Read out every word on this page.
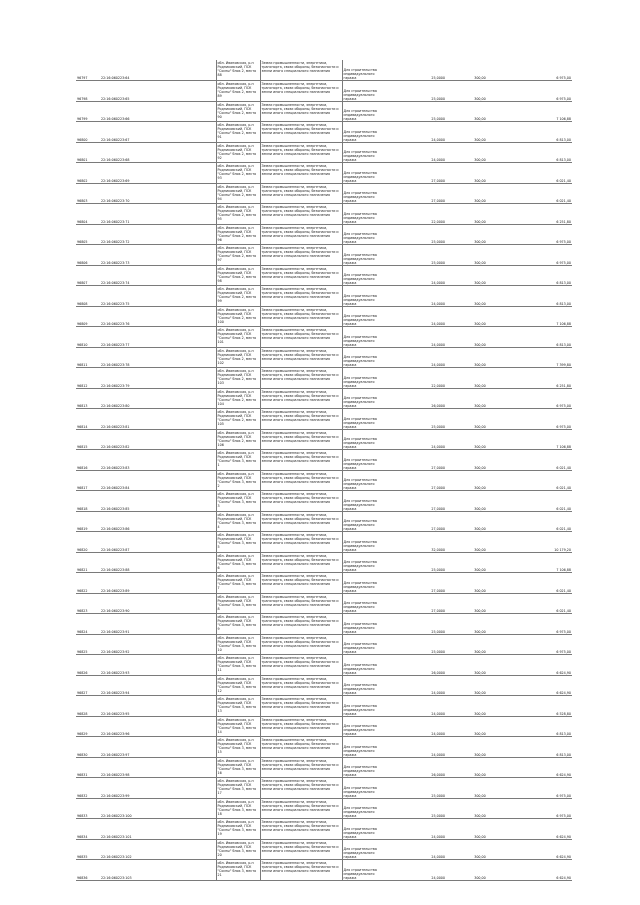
96797	22:16:060223:64	обл. Ивановская, р-н Родниковский, ПСК "Сосны" блок 2, место 88	Земли промышленности, энергетики, транспорта, связи обороны, безопасности и земли иного специального назначения	Для строительства индивидуального гаража	25,0000	300,00	6 975,00
96798	22:16:060223:65	обл. Ивановская, р-н Родниковский, ПСК "Сосны" блок 2, место 89	Земли промышленности, энергетики, транспорта, связи обороны, безопасности и земли иного специального назначения	Для строительства индивидуального гаража	25,0000	300,00	6 975,00
96799	22:16:060223:66	обл. Ивановская, р-н Родниковский, ПСК "Сосны" блок 2, место 90	Земли промышленности, энергетики, транспорта, связи обороны, безопасности и земли иного специального назначения	Для строительства индивидуального гаража	25,0000	300,00	7 106,88
96800	22:16:060223:67	обл. Ивановская, р-н Родниковский, ПСК "Сосны" блок 2, место 91	Земли промышленности, энергетики, транспорта, связи обороны, безопасности и земли иного специального назначения	Для строительства индивидуального гаража	24,0000	300,00	6 813,00
96801	22:16:060223:68	обл. Ивановская, р-н Родниковский, ПСК "Сосны" блок 2, место 92	Земли промышленности, энергетики, транспорта, связи обороны, безопасности и земли иного специального назначения	Для строительства индивидуального гаража	24,0000	300,00	6 813,00
96802	22:16:060223:69	обл. Ивановская, р-н Родниковский, ПСК "Сосны" блок 2, место 93	Земли промышленности, энергетики, транспорта, связи обороны, безопасности и земли иного специального назначения	Для строительства индивидуального гаража	27,0000	300,00	6 021,40
96803	22:16:060223:70	обл. Ивановская, р-н Родниковский, ПСК "Сосны" блок 2, место 94	Земли промышленности, энергетики, транспорта, связи обороны, безопасности и земли иного специального назначения	Для строительства индивидуального гаража	27,0000	300,00	6 021,40
96804	22:16:060223:71	обл. Ивановская, р-н Родниковский, ПСК "Сосны" блок 2, место 95	Земли промышленности, энергетики, транспорта, связи обороны, безопасности и земли иного специального назначения	Для строительства индивидуального гаража	22,0000	300,00	6 251,80
96805	22:16:060223:72	обл. Ивановская, р-н Родниковский, ПСК "Сосны" блок 2, место 96	Земли промышленности, энергетики, транспорта, связи обороны, безопасности и земли иного специального назначения	Для строительства индивидуального гаража	25,0000	300,00	6 975,00
96806	22:16:060223:73	обл. Ивановская, р-н Родниковский, ПСК "Сосны" блок 2, место 97	Земли промышленности, энергетики, транспорта, связи обороны, безопасности и земли иного специального назначения	Для строительства индивидуального гаража	25,0000	300,00	6 975,00
96807	22:16:060223:74	обл. Ивановская, р-н Родниковский, ПСК "Сосны" блок 2, место 98	Земли промышленности, энергетики, транспорта, связи обороны, безопасности и земли иного специального назначения	Для строительства индивидуального гаража	24,0000	300,00	6 813,00
96808	22:16:060223:75	обл. Ивановская, р-н Родниковский, ПСК "Сосны" блок 2, место 99	Земли промышленности, энергетики, транспорта, связи обороны, безопасности и земли иного специального назначения	Для строительства индивидуального гаража	24,0000	300,00	6 813,00
96809	22:16:060223:76	обл. Ивановская, р-н Родниковский, ПСК "Сосны" блок 2, место 100	Земли промышленности, энергетики, транспорта, связи обороны, безопасности и земли иного специального назначения	Для строительства индивидуального гаража	24,0000	300,00	7 106,88
96810	22:16:060223:77	обл. Ивановская, р-н Родниковский, ПСК "Сосны" блок 2, место 101	Земли промышленности, энергетики, транспорта, связи обороны, безопасности и земли иного специального назначения	Для строительства индивидуального гаража	24,0000	300,00	6 813,00
96811	22:16:060223:78	обл. Ивановская, р-н Родниковский, ПСК "Сосны" блок 2, место 102	Земли промышленности, энергетики, транспорта, связи обороны, безопасности и земли иного специального назначения	Для строительства индивидуального гаража	24,0000	300,00	7 399,80
96812	22:16:060223:79	обл. Ивановская, р-н Родниковский, ПСК "Сосны" блок 2, место 103	Земли промышленности, энергетики, транспорта, связи обороны, безопасности и земли иного специального назначения	Для строительства индивидуального гаража	22,0000	300,00	6 251,80
96813	22:16:060223:80	обл. Ивановская, р-н Родниковский, ПСК "Сосны" блок 2, место 104	Земли промышленности, энергетики, транспорта, связи обороны, безопасности и земли иного специального назначения	Для строительства индивидуального гаража	26,0000	300,00	6 975,00
96814	22:16:060223:81	обл. Ивановская, р-н Родниковский, ПСК "Сосны" блок 2, место 105	Земли промышленности, энергетики, транспорта, связи обороны, безопасности и земли иного специального назначения	Для строительства индивидуального гаража	25,0000	300,00	6 975,00
96815	22:16:060223:82	обл. Ивановская, р-н Родниковский, ПСК "Сосны" блок 2, место 106	Земли промышленности, энергетики, транспорта, связи обороны, безопасности и земли иного специального назначения	Для строительства индивидуального гаража	24,0000	300,00	7 106,88
96816	22:16:060223:83	обл. Ивановская, р-н Родниковский, ПСК "Сосны" блок 3, место 1	Земли промышленности, энергетики, транспорта, связи обороны, безопасности и земли иного специального назначения	Для строительства индивидуального гаража	27,0000	300,00	6 021,40
96817	22:16:060223:84	обл. Ивановская, р-н Родниковский, ПСК "Сосны" блок 3, место 2	Земли промышленности, энергетики, транспорта, связи обороны, безопасности и земли иного специального назначения	Для строительства индивидуального гаража	27,0000	300,00	6 021,40
96818	22:16:060223:85	обл. Ивановская, р-н Родниковский, ПСК "Сосны" блок 3, место 3	Земли промышленности, энергетики, транспорта, связи обороны, безопасности и земли иного специального назначения	Для строительства индивидуального гаража	27,0000	300,00	6 021,40
96819	22:16:060223:86	обл. Ивановская, р-н Родниковский, ПСК "Сосны" блок 3, место 4	Земли промышленности, энергетики, транспорта, связи обороны, безопасности и земли иного специального назначения	Для строительства индивидуального гаража	27,0000	300,00	6 021,40
96820	22:16:060223:87	обл. Ивановская, р-н Родниковский, ПСК "Сосны" блок 3, место 5	Земли промышленности, энергетики, транспорта, связи обороны, безопасности и земли иного специального назначения	Для строительства индивидуального гаража	32,0000	300,00	10 179,20
96821	22:16:060223:88	обл. Ивановская, р-н Родниковский, ПСК "Сосны" блок 3, место 6	Земли промышленности, энергетики, транспорта, связи обороны, безопасности и земли иного специального назначения	Для строительства индивидуального гаража	25,0000	300,00	7 106,88
96822	22:16:060223:89	обл. Ивановская, р-н Родниковский, ПСК "Сосны" блок 3, место 7	Земли промышленности, энергетики, транспорта, связи обороны, безопасности и земли иного специального назначения	Для строительства индивидуального гаража	27,0000	300,00	6 021,40
96823	22:16:060223:90	обл. Ивановская, р-н Родниковский, ПСК "Сосны" блок 3, место 8	Земли промышленности, энергетики, транспорта, связи обороны, безопасности и земли иного специального назначения	Для строительства индивидуального гаража	27,0000	300,00	6 021,40
96824	22:16:060223:91	обл. Ивановская, р-н Родниковский, ПСК "Сосны" блок 3, место 9	Земли промышленности, энергетики, транспорта, связи обороны, безопасности и земли иного специального назначения	Для строительства индивидуального гаража	25,0000	300,00	6 975,00
96825	22:16:060223:92	обл. Ивановская, р-н Родниковский, ПСК "Сосны" блок 3, место 10	Земли промышленности, энергетики, транспорта, связи обороны, безопасности и земли иного специального назначения	Для строительства индивидуального гаража	25,0000	300,00	6 975,00
96826	22:16:060223:93	обл. Ивановская, р-н Родниковский, ПСК "Сосны" блок 3, место 11	Земли промышленности, энергетики, транспорта, связи обороны, безопасности и земли иного специального назначения	Для строительства индивидуального гаража	26,0000	300,00	6 624,90
96827	22:16:060223:94	обл. Ивановская, р-н Родниковский, ПСК "Сосны" блок 3, место 12	Земли промышленности, энергетики, транспорта, связи обороны, безопасности и земли иного специального назначения	Для строительства индивидуального гаража	24,0000	300,00	6 624,90
96828	22:16:060223:95	обл. Ивановская, р-н Родниковский, ПСК "Сосны" блок 3, место 13	Земли промышленности, энергетики, транспорта, связи обороны, безопасности и земли иного специального назначения	Для строительства индивидуального гаража	24,0000	300,00	6 528,80
96829	22:16:060223:96	обл. Ивановская, р-н Родниковский, ПСК "Сосны" блок 3, место 14	Земли промышленности, энергетики, транспорта, связи обороны, безопасности и земли иного специального назначения	Для строительства индивидуального гаража	24,0000	300,00	6 813,00
96830	22:16:060223:97	обл. Ивановская, р-н Родниковский, ПСК "Сосны" блок 3, место 15	Земли промышленности, энергетики, транспорта, связи обороны, безопасности и земли иного специального назначения	Для строительства индивидуального гаража	24,0000	300,00	6 813,00
96831	22:16:060223:98	обл. Ивановская, р-н Родниковский, ПСК "Сосны" блок 3, место 16	Земли промышленности, энергетики, транспорта, связи обороны, безопасности и земли иного специального назначения	Для строительства индивидуального гаража	26,0000	300,00	6 624,90
96832	22:16:060223:99	обл. Ивановская, р-н Родниковский, ПСК "Сосны" блок 3, место 17	Земли промышленности, энергетики, транспорта, связи обороны, безопасности и земли иного специального назначения	Для строительства индивидуального гаража	25,0000	300,00	6 975,00
96833	22:16:060223:100	обл. Ивановская, р-н Родниковский, ПСК "Сосны" блок 3, место 18	Земли промышленности, энергетики, транспорта, связи обороны, безопасности и земли иного специального назначения	Для строительства индивидуального гаража	25,0000	300,00	6 975,00
96834	22:16:060223:101	обл. Ивановская, р-н Родниковский, ПСК "Сосны" блок 3, место 19	Земли промышленности, энергетики, транспорта, связи обороны, безопасности и земли иного специального назначения	Для строительства индивидуального гаража	24,0000	300,00	6 624,90
96835	22:16:060223:102	обл. Ивановская, р-н Родниковский, ПСК "Сосны" блок 3, место 20	Земли промышленности, энергетики, транспорта, связи обороны, безопасности и земли иного специального назначения	Для строительства индивидуального гаража	24,0000	300,00	6 624,90
96836	22:16:060223:103	обл. Ивановская, р-н Родниковский, ПСК "Сосны" блок 3, место 21	Земли промышленности, энергетики, транспорта, связи обороны, безопасности и земли иного специального назначения	Для строительства индивидуального гаража	24,0000	300,00	6 624,90
